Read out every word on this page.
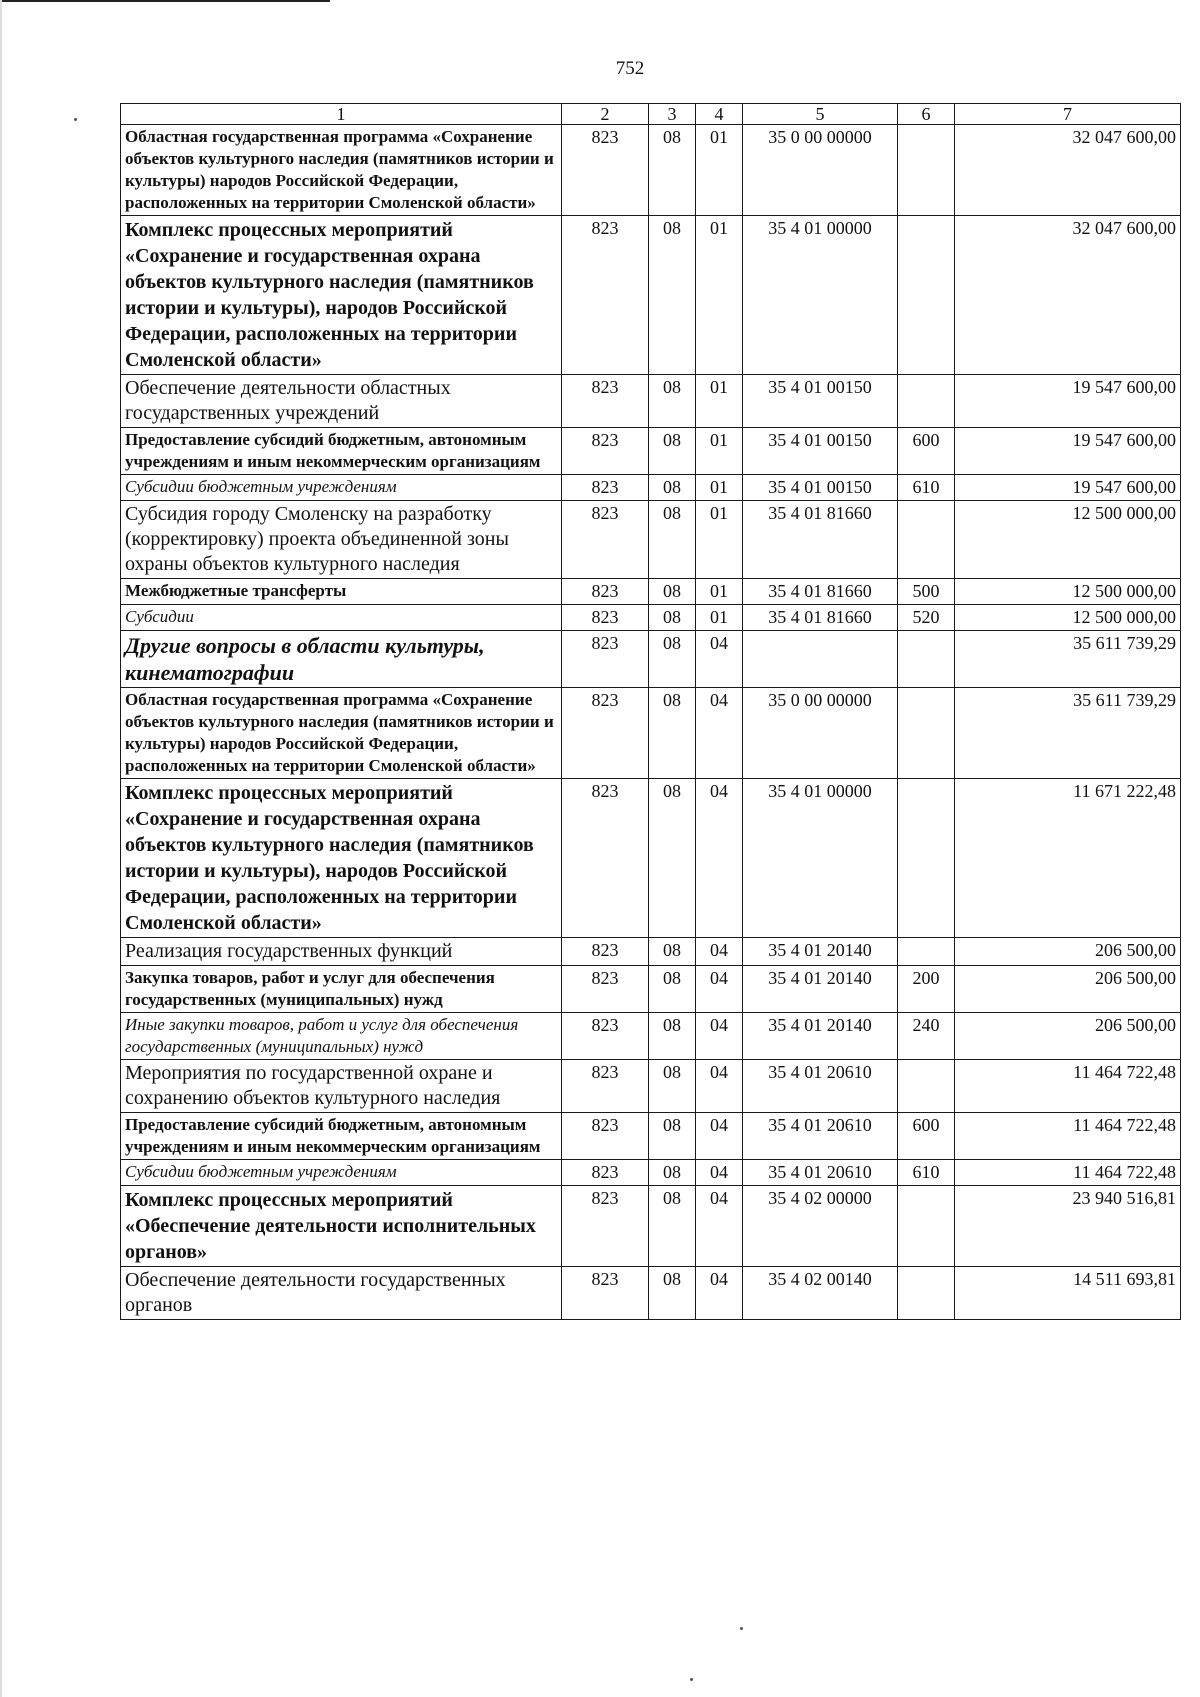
752
1	2	3	4	5	6	7
Областная государственная программа «Сохранение объектов культурного наследия (памятников истории и культуры) народов Российской Федерации, расположенных на территории Смоленской области»	823	08	01	35 0 00 00000		32 047 600,00
Комплекс процессных мероприятий «Сохранение и государственная охрана объектов культурного наследия (памятников истории и культуры), народов Российской Федерации, расположенных на территории Смоленской области»	823	08	01	35 4 01 00000		32 047 600,00
Обеспечение деятельности областных государственных учреждений	823	08	01	35 4 01 00150		19 547 600,00
Предоставление субсидий бюджетным, автономным учреждениям и иным некоммерческим организациям	823	08	01	35 4 01 00150	600	19 547 600,00
Субсидии бюджетным учреждениям	823	08	01	35 4 01 00150	610	19 547 600,00
Субсидия городу Смоленску на разработку (корректировку) проекта объединенной зоны охраны объектов культурного наследия	823	08	01	35 4 01 81660		12 500 000,00
Межбюджетные трансферты	823	08	01	35 4 01 81660	500	12 500 000,00
Субсидии	823	08	01	35 4 01 81660	520	12 500 000,00
Другие вопросы в области культуры, кинематографии	823	08	04			35 611 739,29
Областная государственная программа «Сохранение объектов культурного наследия (памятников истории и культуры) народов Российской Федерации, расположенных на территории Смоленской области»	823	08	04	35 0 00 00000		35 611 739,29
Комплекс процессных мероприятий «Сохранение и государственная охрана объектов культурного наследия (памятников истории и культуры), народов Российской Федерации, расположенных на территории Смоленской области»	823	08	04	35 4 01 00000		11 671 222,48
Реализация государственных функций	823	08	04	35 4 01 20140		206 500,00
Закупка товаров, работ и услуг для обеспечения государственных (муниципальных) нужд	823	08	04	35 4 01 20140	200	206 500,00
Иные закупки товаров, работ и услуг для обеспечения государственных (муниципальных) нужд	823	08	04	35 4 01 20140	240	206 500,00
Мероприятия по государственной охране и сохранению объектов культурного наследия	823	08	04	35 4 01 20610		11 464 722,48
Предоставление субсидий бюджетным, автономным учреждениям и иным некоммерческим организациям	823	08	04	35 4 01 20610	600	11 464 722,48
Субсидии бюджетным учреждениям	823	08	04	35 4 01 20610	610	11 464 722,48
Комплекс процессных мероприятий «Обеспечение деятельности исполнительных органов»	823	08	04	35 4 02 00000		23 940 516,81
Обеспечение деятельности государственных органов	823	08	04	35 4 02 00140		14 511 693,81
